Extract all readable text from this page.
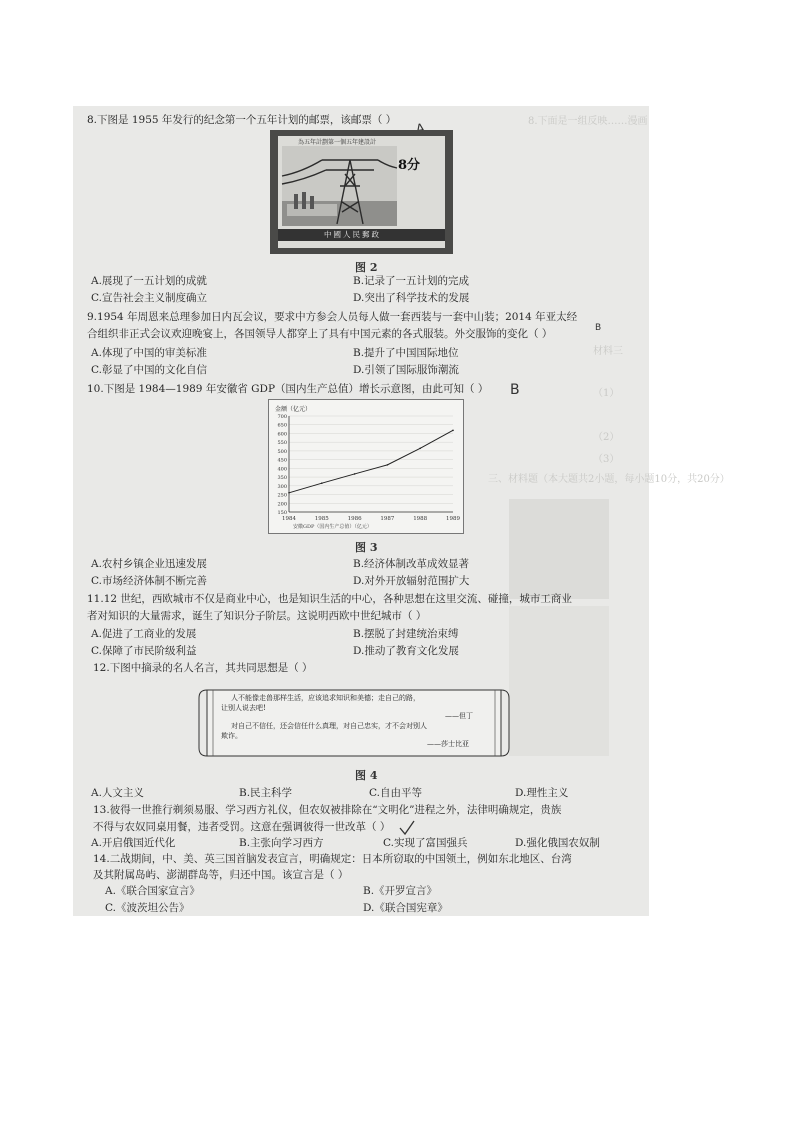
8.下面是一组反映……漫画
材料三
（1）
（2）
（3）
三、材料题（本大题共2小题，每小题10分，共20分）
8.下图是 1955 年发行的纪念第一个五年计划的邮票，该邮票（ ）
為五年計劃第一個五年建設計
8分
中國人民郵政
图 2
A.展现了一五计划的成就	B.记录了一五计划的完成
C.宣告社会主义制度确立	D.突出了科学技术的发展
9.1954 年周恩来总理参加日内瓦会议，要求中方参会人员每人做一套西装与一套中山装；2014 年亚太经
合组织非正式会议欢迎晚宴上，各国领导人都穿上了具有中国元素的各式服装。外交服饰的变化（ ）	B
A.体现了中国的审美标准	B.提升了中国国际地位
C.彰显了中国的文化自信	D.引领了国际服饰潮流
10.下图是 1984—1989 年安徽省 GDP（国内生产总值）增长示意图，由此可知（ ） B
金额（亿元）
150
200
250
300
350
400
450
500
550
600
650
700
1984	1985	1986	1987	1988	1989
安徽GDP（国内生产总值）（亿元）
图 3
A.农村乡镇企业迅速发展	B.经济体制改革成效显著
C.市场经济体制不断完善	D.对外开放辐射范围扩大
11.12 世纪，西欧城市不仅是商业中心，也是知识生活的中心，各种思想在这里交流、碰撞，城市工商业
者对知识的大量需求，诞生了知识分子阶层。这说明西欧中世纪城市（ ）
A.促进了工商业的发展	B.摆脱了封建统治束缚
C.保障了市民阶级利益	D.推动了教育文化发展
12.下图中摘录的名人名言，其共同思想是（ ）
人不能像走兽那样生活，应该追求知识和美德；走自己的路，
让别人说去吧!
——但丁
对自己不信任，还会信任什么真理，对自己忠实，才不会对别人
欺诈。
——莎士比亚
图 4
A.人文主义	B.民主科学	C.自由平等	D.理性主义
13.彼得一世推行剃须易服、学习西方礼仪，但农奴被排除在“文明化”进程之外，法律明确规定，贵族
不得与农奴同桌用餐，违者受罚。这意在强调彼得一世改革（ ）
A.开启俄国近代化	B.主张向学习西方	C.实现了富国强兵	D.强化俄国农奴制
14.二战期间，中、美、英三国首脑发表宣言，明确规定：日本所窃取的中国领土，例如东北地区、台湾
及其附属岛屿、澎湖群岛等，归还中国。该宣言是（ ）
A.《联合国家宣言》	B.《开罗宣言》
C.《波茨坦公告》	D.《联合国宪章》
